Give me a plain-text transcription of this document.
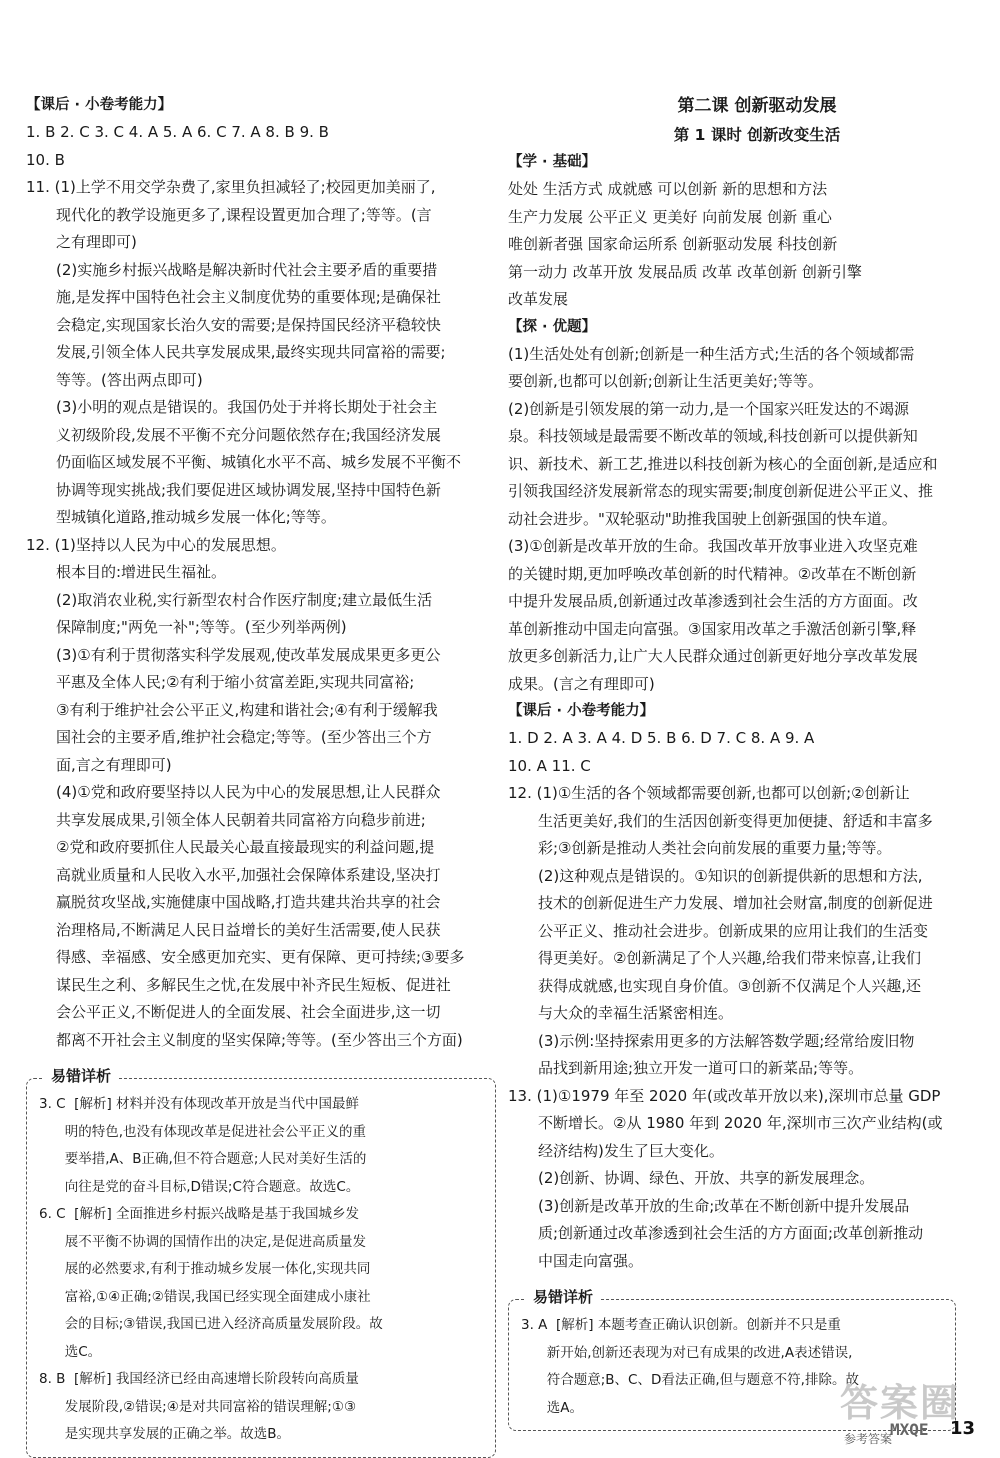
【课后 · 小卷考能力】
1. B 2. C 3. C 4. A 5. A 6. C 7. A 8. B 9. B
10. B
11. (1)上学不用交学杂费了,家里负担减轻了;校园更加美丽了,
现代化的教学设施更多了,课程设置更加合理了;等等。(言
之有理即可)
(2)实施乡村振兴战略是解决新时代社会主要矛盾的重要措
施,是发挥中国特色社会主义制度优势的重要体现;是确保社
会稳定,实现国家长治久安的需要;是保持国民经济平稳较快
发展,引领全体人民共享发展成果,最终实现共同富裕的需要;
等等。(答出两点即可)
(3)小明的观点是错误的。我国仍处于并将长期处于社会主
义初级阶段,发展不平衡不充分问题依然存在;我国经济发展
仍面临区域发展不平衡、城镇化水平不高、城乡发展不平衡不
协调等现实挑战;我们要促进区域协调发展,坚持中国特色新
型城镇化道路,推动城乡发展一体化;等等。
12. (1)坚持以人民为中心的发展思想。
根本目的:增进民生福祉。
(2)取消农业税,实行新型农村合作医疗制度;建立最低生活
保障制度;"两免一补";等等。(至少列举两例)
(3)①有利于贯彻落实科学发展观,使改革发展成果更多更公
平惠及全体人民;②有利于缩小贫富差距,实现共同富裕;
③有利于维护社会公平正义,构建和谐社会;④有利于缓解我
国社会的主要矛盾,维护社会稳定;等等。(至少答出三个方
面,言之有理即可)
(4)①党和政府要坚持以人民为中心的发展思想,让人民群众
共享发展成果,引领全体人民朝着共同富裕方向稳步前进;
②党和政府要抓住人民最关心最直接最现实的利益问题,提
高就业质量和人民收入水平,加强社会保障体系建设,坚决打
赢脱贫攻坚战,实施健康中国战略,打造共建共治共享的社会
治理格局,不断满足人民日益增长的美好生活需要,使人民获
得感、幸福感、安全感更加充实、更有保障、更可持续;③要多
谋民生之利、多解民生之忧,在发展中补齐民生短板、促进社
会公平正义,不断促进人的全面发展、社会全面进步,这一切
都离不开社会主义制度的坚实保障;等等。(至少答出三个方面)
易错详析
3. C  [解析] 材料并没有体现改革开放是当代中国最鲜
明的特色,也没有体现改革是促进社会公平正义的重
要举措,A、B正确,但不符合题意;人民对美好生活的
向往是党的奋斗目标,D错误;C符合题意。故选C。
6. C  [解析] 全面推进乡村振兴战略是基于我国城乡发
展不平衡不协调的国情作出的决定,是促进高质量发
展的必然要求,有利于推动城乡发展一体化,实现共同
富裕,①④正确;②错误,我国已经实现全面建成小康社
会的目标;③错误,我国已进入经济高质量发展阶段。故
选C。
8. B  [解析] 我国经济已经由高速增长阶段转向高质量
发展阶段,②错误;④是对共同富裕的错误理解;①③
是实现共享发展的正确之举。故选B。
第二课 创新驱动发展
第 1 课时 创新改变生活
【学 · 基础】
处处 生活方式 成就感 可以创新 新的思想和方法
生产力发展 公平正义 更美好 向前发展 创新 重心
唯创新者强 国家命运所系 创新驱动发展 科技创新
第一动力 改革开放 发展品质 改革 改革创新 创新引擎
改革发展
【探 · 优题】
(1)生活处处有创新;创新是一种生活方式;生活的各个领域都需
要创新,也都可以创新;创新让生活更美好;等等。
(2)创新是引领发展的第一动力,是一个国家兴旺发达的不竭源
泉。科技领域是最需要不断改革的领域,科技创新可以提供新知
识、新技术、新工艺,推进以科技创新为核心的全面创新,是适应和
引领我国经济发展新常态的现实需要;制度创新促进公平正义、推
动社会进步。"双轮驱动"助推我国驶上创新强国的快车道。
(3)①创新是改革开放的生命。我国改革开放事业进入攻坚克难
的关键时期,更加呼唤改革创新的时代精神。②改革在不断创新
中提升发展品质,创新通过改革渗透到社会生活的方方面面。改
革创新推动中国走向富强。③国家用改革之手激活创新引擎,释
放更多创新活力,让广大人民群众通过创新更好地分享改革发展
成果。(言之有理即可)
【课后 · 小卷考能力】
1. D 2. A 3. A 4. D 5. B 6. D 7. C 8. A 9. A
10. A 11. C
12. (1)①生活的各个领域都需要创新,也都可以创新;②创新让
生活更美好,我们的生活因创新变得更加便捷、舒适和丰富多
彩;③创新是推动人类社会向前发展的重要力量;等等。
(2)这种观点是错误的。①知识的创新提供新的思想和方法,
技术的创新促进生产力发展、增加社会财富,制度的创新促进
公平正义、推动社会进步。创新成果的应用让我们的生活变
得更美好。②创新满足了个人兴趣,给我们带来惊喜,让我们
获得成就感,也实现自身价值。③创新不仅满足个人兴趣,还
与大众的幸福生活紧密相连。
(3)示例:坚持探索用更多的方法解答数学题;经常给废旧物
品找到新用途;独立开发一道可口的新菜品;等等。
13. (1)①1979 年至 2020 年(或改革开放以来),深圳市总量 GDP
不断增长。②从 1980 年到 2020 年,深圳市三次产业结构(或
经济结构)发生了巨大变化。
(2)创新、协调、绿色、开放、共享的新发展理念。
(3)创新是改革开放的生命;改革在不断创新中提升发展品
质;创新通过改革渗透到社会生活的方方面面;改革创新推动
中国走向富强。
易错详析
3. A  [解析] 本题考查正确认识创新。创新并不只是重
新开始,创新还表现为对已有成果的改进,A表述错误,
符合题意;B、C、D看法正确,但与题意不符,排除。故
选A。	答案圈
参考答案
MXQE 13
